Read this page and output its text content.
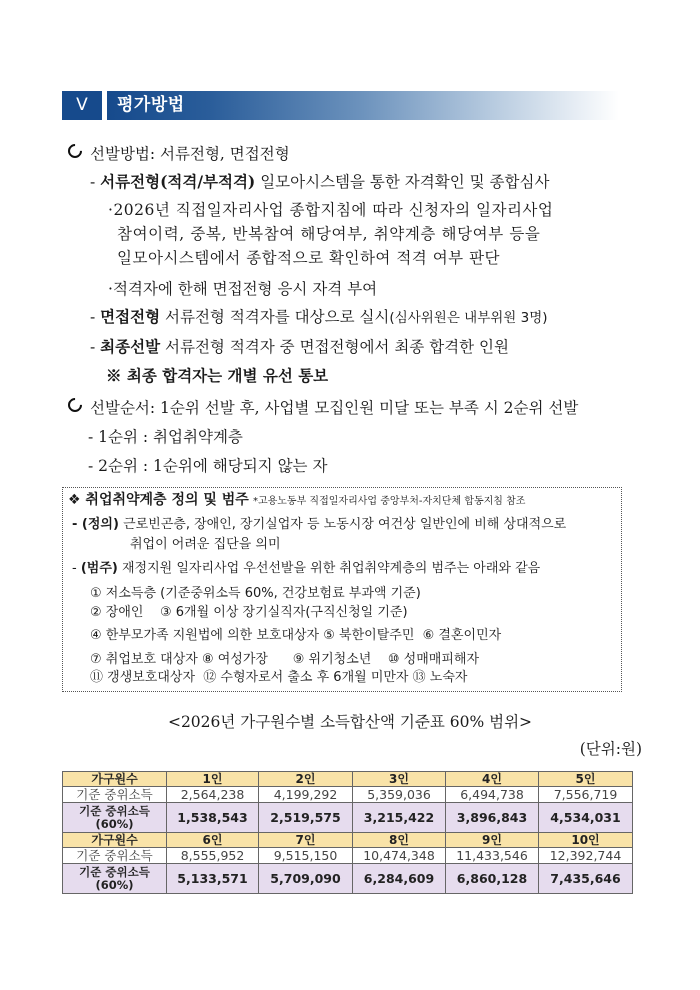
V	평가방법
선발방법: 서류전형, 면접전형
- 서류전형(적격/부적격) 일모아시스템을 통한 자격확인 및 종합심사
·2026년 직접일자리사업 종합지침에 따라 신청자의 일자리사업
참여이력, 중복, 반복참여 해당여부, 취약계층 해당여부 등을
일모아시스템에서 종합적으로 확인하여 적격 여부 판단
·적격자에 한해 면접전형 응시 자격 부여
- 면접전형 서류전형 적격자를 대상으로 실시(심사위원은 내부위원 3명)
- 최종선발 서류전형 적격자 중 면접전형에서 최종 합격한 인원
※ 최종 합격자는 개별 유선 통보
선발순서: 1순위 선발 후, 사업별 모집인원 미달 또는 부족 시 2순위 선발
- 1순위 : 취업취약계층
- 2순위 : 1순위에 해당되지 않는 자
❖ 취업취약계층 정의 및 범주 *고용노동부 직접일자리사업 중앙부처-자치단체 합동지침 참조
- (정의) 근로빈곤층, 장애인, 장기실업자 등 노동시장 여건상 일반인에 비해 상대적으로
취업이 어려운 집단을 의미
- (범주) 재정지원 일자리사업 우선선발을 위한 취업취약계층의 범주는 아래와 같음
① 저소득층 (기준중위소득 60%, 건강보험료 부과액 기준)
② 장애인    ③ 6개월 이상 장기실직자(구직신청일 기준)
④ 한부모가족 지원법에 의한 보호대상자 ⑤ 북한이탈주민  ⑥ 결혼이민자
⑦ 취업보호 대상자 ⑧ 여성가장      ⑨ 위기청소년    ⑩ 성매매피해자
⑪ 갱생보호대상자  ⑫ 수형자로서 출소 후 6개월 미만자 ⑬ 노숙자
<2026년 가구원수별 소득합산액 기준표 60% 범위>
(단위:원)
가구원수	1인	2인	3인	4인	5인
기준 중위소득	2,564,238	4,199,292	5,359,036	6,494,738	7,556,719
기준 중위소득
(60%)	1,538,543	2,519,575	3,215,422	3,896,843	4,534,031
가구원수	6인	7인	8인	9인	10인
기준 중위소득	8,555,952	9,515,150	10,474,348	11,433,546	12,392,744
기준 중위소득
(60%)	5,133,571	5,709,090	6,284,609	6,860,128	7,435,646
